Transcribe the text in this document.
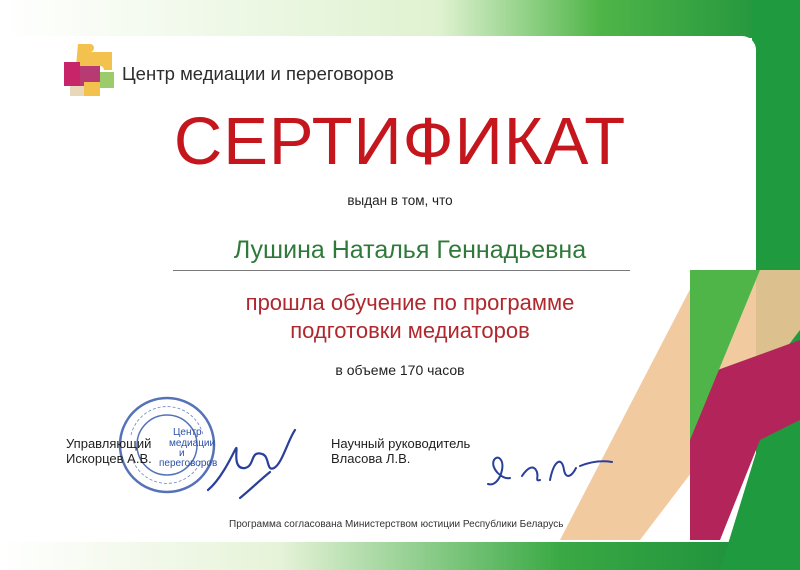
Центр медиации и переговоров
СЕРТИФИКАТ
выдан в том, что
Лушина Наталья Геннадьевна
прошла обучение по программе
подготовки медиаторов
в объеме 170 часов
Центр
медиации
и
переговоров
Управляющий
Искорцев А.В.
Научный руководитель
Власова Л.В.
Программа согласована Министерством юстиции Республики Беларусь
